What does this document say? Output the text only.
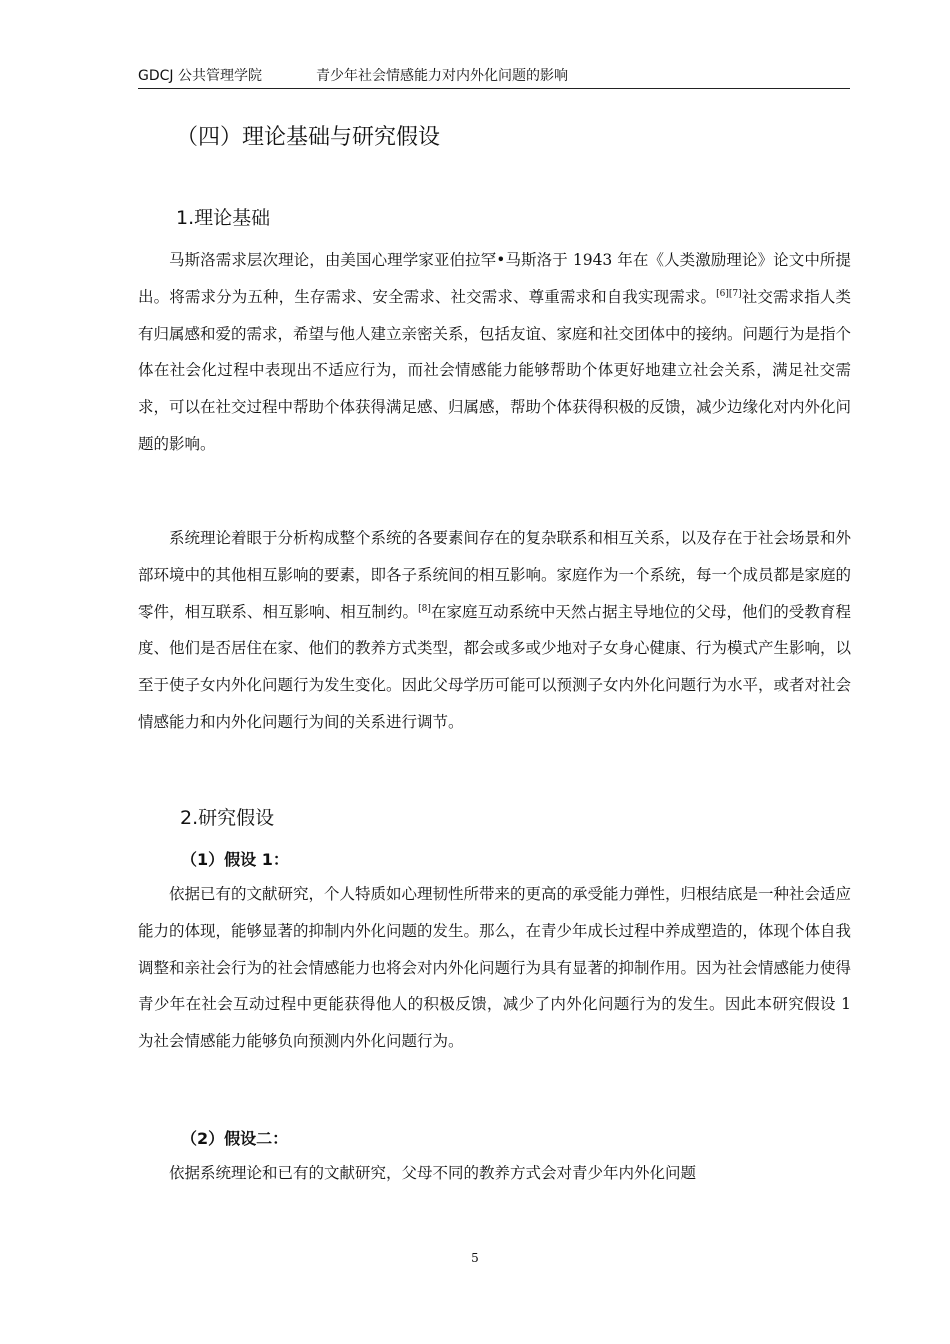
GDCJ 公共管理学院	青少年社会情感能力对内外化问题的影响
（四）理论基础与研究假设
1.理论基础

马斯洛需求层次理论，由美国心理学家亚伯拉罕•马斯洛于 1943 年在《人类激励理论》论文中所提出。将需求分为五种，生存需求、安全需求、社交需求、尊重需求和自我实现需求。[6][7]社交需求指人类有归属感和爱的需求，希望与他人建立亲密关系，包括友谊、家庭和社交团体中的接纳。问题行为是指个体在社会化过程中表现出不适应行为，而社会情感能力能够帮助个体更好地建立社会关系，满足社交需求，可以在社交过程中帮助个体获得满足感、归属感，帮助个体获得积极的反馈，减少边缘化对内外化问题的影响。

系统理论着眼于分析构成整个系统的各要素间存在的复杂联系和相互关系，以及存在于社会场景和外部环境中的其他相互影响的要素，即各子系统间的相互影响。家庭作为一个系统，每一个成员都是家庭的零件，相互联系、相互影响、相互制约。[8]在家庭互动系统中天然占据主导地位的父母，他们的受教育程度、他们是否居住在家、他们的教养方式类型，都会或多或少地对子女身心健康、行为模式产生影响，以至于使子女内外化问题行为发生变化。因此父母学历可能可以预测子女内外化问题行为水平，或者对社会情感能力和内外化问题行为间的关系进行调节。

2.研究假设
（1）假设 1：

依据已有的文献研究，个人特质如心理韧性所带来的更高的承受能力弹性，归根结底是一种社会适应能力的体现，能够显著的抑制内外化问题的发生。那么，在青少年成长过程中养成塑造的，体现个体自我调整和亲社会行为的社会情感能力也将会对内外化问题行为具有显著的抑制作用。因为社会情感能力使得青少年在社会互动过程中更能获得他人的积极反馈，减少了内外化问题行为的发生。因此本研究假设 1 为社会情感能力能够负向预测内外化问题行为。

（2）假设二：

依据系统理论和已有的文献研究，父母不同的教养方式会对青少年内外化问题

5
